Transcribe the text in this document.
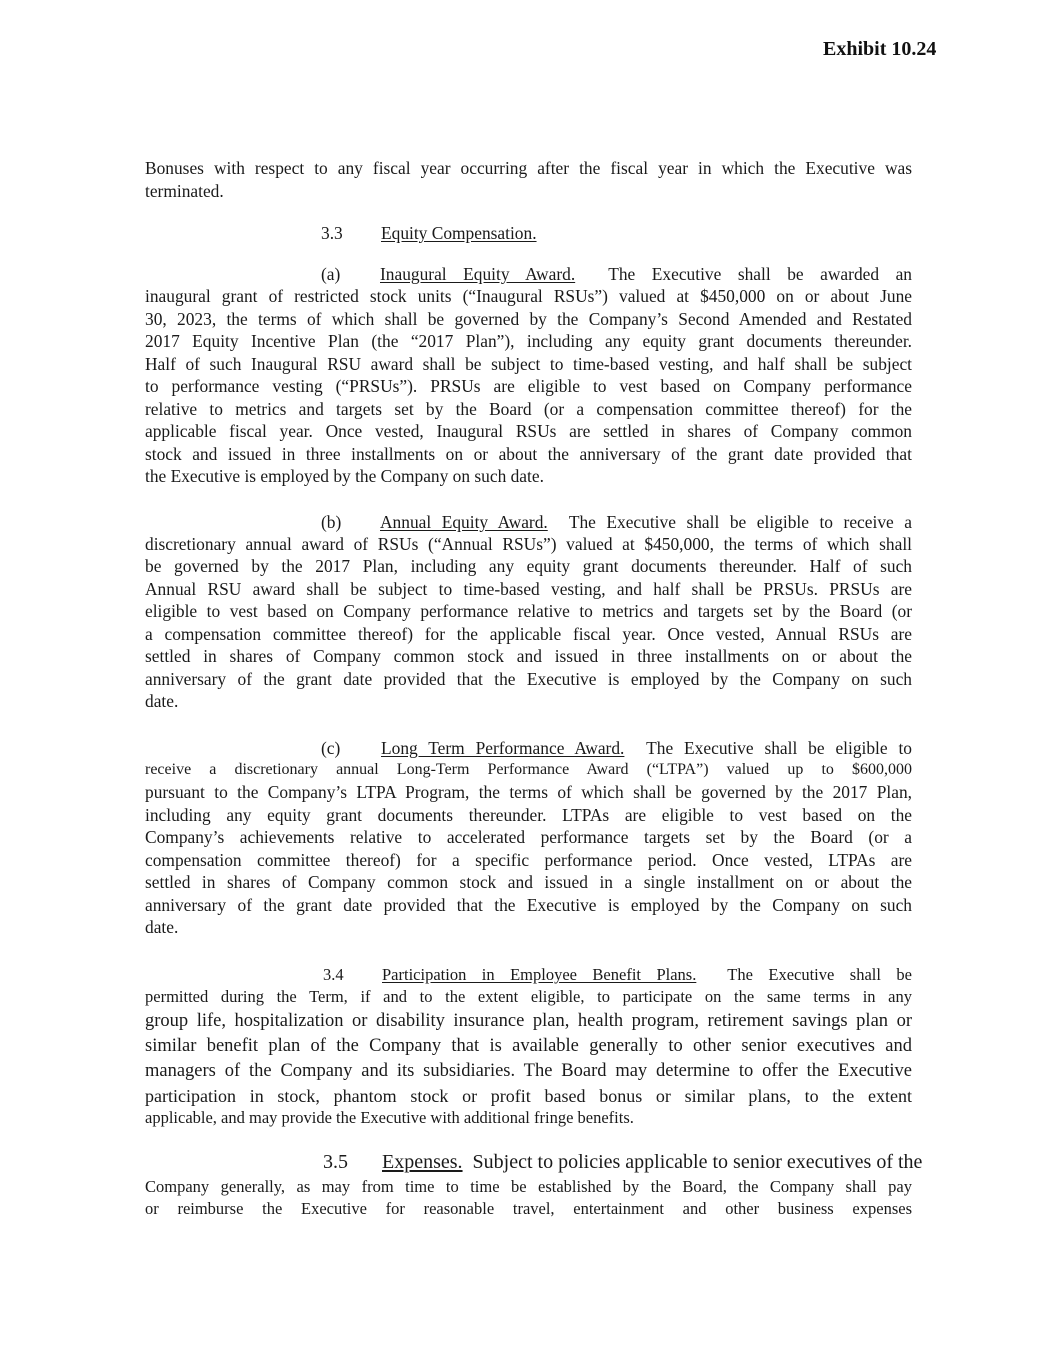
Exhibit 10.24
Bonuses with respect to any fiscal year occurring after the fiscal year in which the Executive was
terminated.
3.3 Equity Compensation.
(a) Inaugural Equity Award. The Executive shall be awarded an
inaugural grant of restricted stock units (“Inaugural RSUs”) valued at $450,000 on or about June
30, 2023, the terms of which shall be governed by the Company’s Second Amended and Restated
2017 Equity Incentive Plan (the “2017 Plan”), including any equity grant documents thereunder.
Half of such Inaugural RSU award shall be subject to time-based vesting, and half shall be subject
to performance vesting (“PRSUs”). PRSUs are eligible to vest based on Company performance
relative to metrics and targets set by the Board (or a compensation committee thereof) for the
applicable fiscal year. Once vested, Inaugural RSUs are settled in shares of Company common
stock and issued in three installments on or about the anniversary of the grant date provided that
the Executive is employed by the Company on such date.
(b) Annual Equity Award. The Executive shall be eligible to receive a
discretionary annual award of RSUs (“Annual RSUs”) valued at $450,000, the terms of which shall
be governed by the 2017 Plan, including any equity grant documents thereunder. Half of such
Annual RSU award shall be subject to time-based vesting, and half shall be PRSUs. PRSUs are
eligible to vest based on Company performance relative to metrics and targets set by the Board (or
a compensation committee thereof) for the applicable fiscal year. Once vested, Annual RSUs are
settled in shares of Company common stock and issued in three installments on or about the
anniversary of the grant date provided that the Executive is employed by the Company on such
date.
(c) Long Term Performance Award. The Executive shall be eligible to
receive a discretionary annual Long-Term Performance Award (“LTPA”) valued up to $600,000
pursuant to the Company’s LTPA Program, the terms of which shall be governed by the 2017 Plan,
including any equity grant documents thereunder. LTPAs are eligible to vest based on the
Company’s achievements relative to accelerated performance targets set by the Board (or a
compensation committee thereof) for a specific performance period. Once vested, LTPAs are
settled in shares of Company common stock and issued in a single installment on or about the
anniversary of the grant date provided that the Executive is employed by the Company on such
date.
3.4 Participation in Employee Benefit Plans. The Executive shall be
permitted during the Term, if and to the extent eligible, to participate on the same terms in any
group life, hospitalization or disability insurance plan, health program, retirement savings plan or
similar benefit plan of the Company that is available generally to other senior executives and
managers of the Company and its subsidiaries. The Board may determine to offer the Executive
participation in stock, phantom stock or profit based bonus or similar plans, to the extent
applicable, and may provide the Executive with additional fringe benefits.
3.5 Expenses. Subject to policies applicable to senior executives of the
Company generally, as may from time to time be established by the Board, the Company shall pay
or reimburse the Executive for reasonable travel, entertainment and other business expenses
